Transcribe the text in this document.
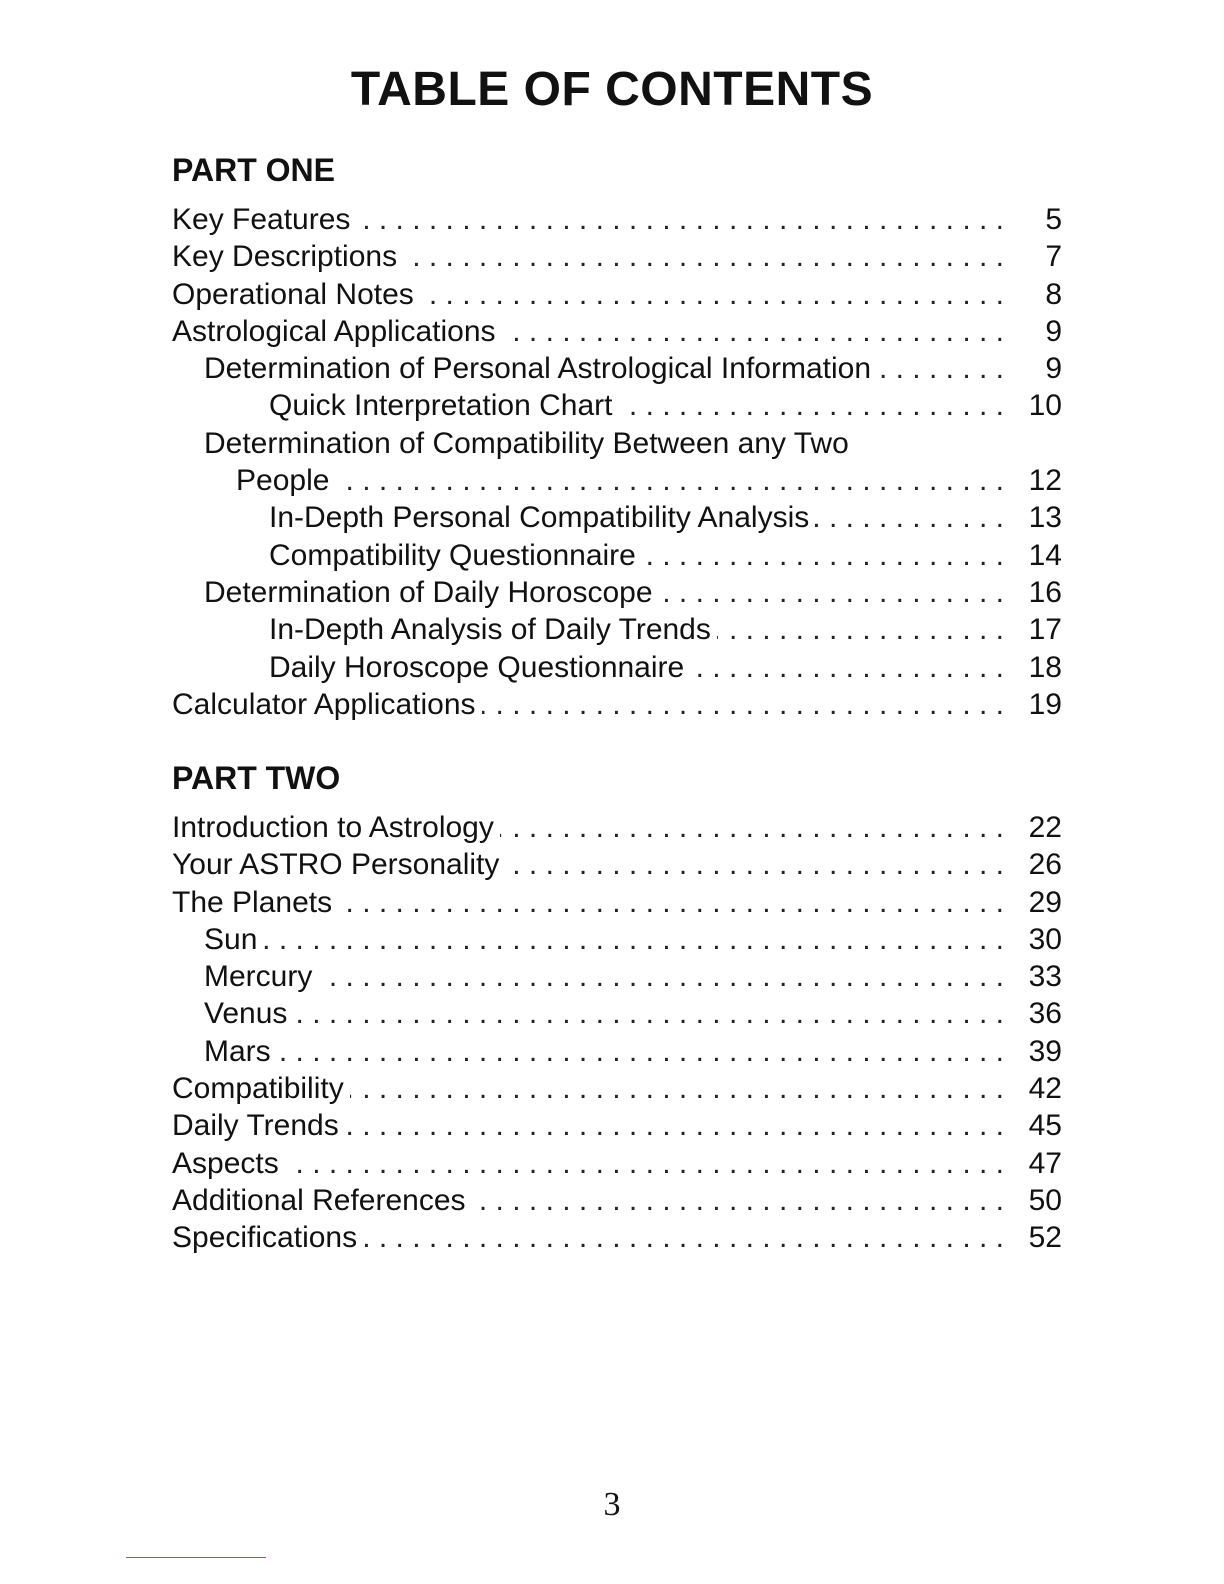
TABLE OF CONTENTS
PART ONE
Key Features . . .	5
Key Descriptions . . .	7
Operational Notes . . .	8
Astrological Applications . . .	9
Determination of Personal Astrological Information . . .	9
Quick Interpretation Chart . . .	10
Determination of Compatibility Between any Two
People . . .	12
In-Depth Personal Compatibility Analysis . . .	13
Compatibility Questionnaire . . .	14
Determination of Daily Horoscope . . .	16
In-Depth Analysis of Daily Trends . . .	17
Daily Horoscope Questionnaire . . .	18
Calculator Applications . . .	19
PART TWO
Introduction to Astrology . . .	22
Your ASTRO Personality . . .	26
The Planets . . .	29
Sun . . .	30
Mercury . . .	33
Venus . . .	36
Mars . . .	39
Compatibility . . .	42
Daily Trends . . .	45
Aspects . . .	47
Additional References . . .	50
Specifications . . .	52
3
